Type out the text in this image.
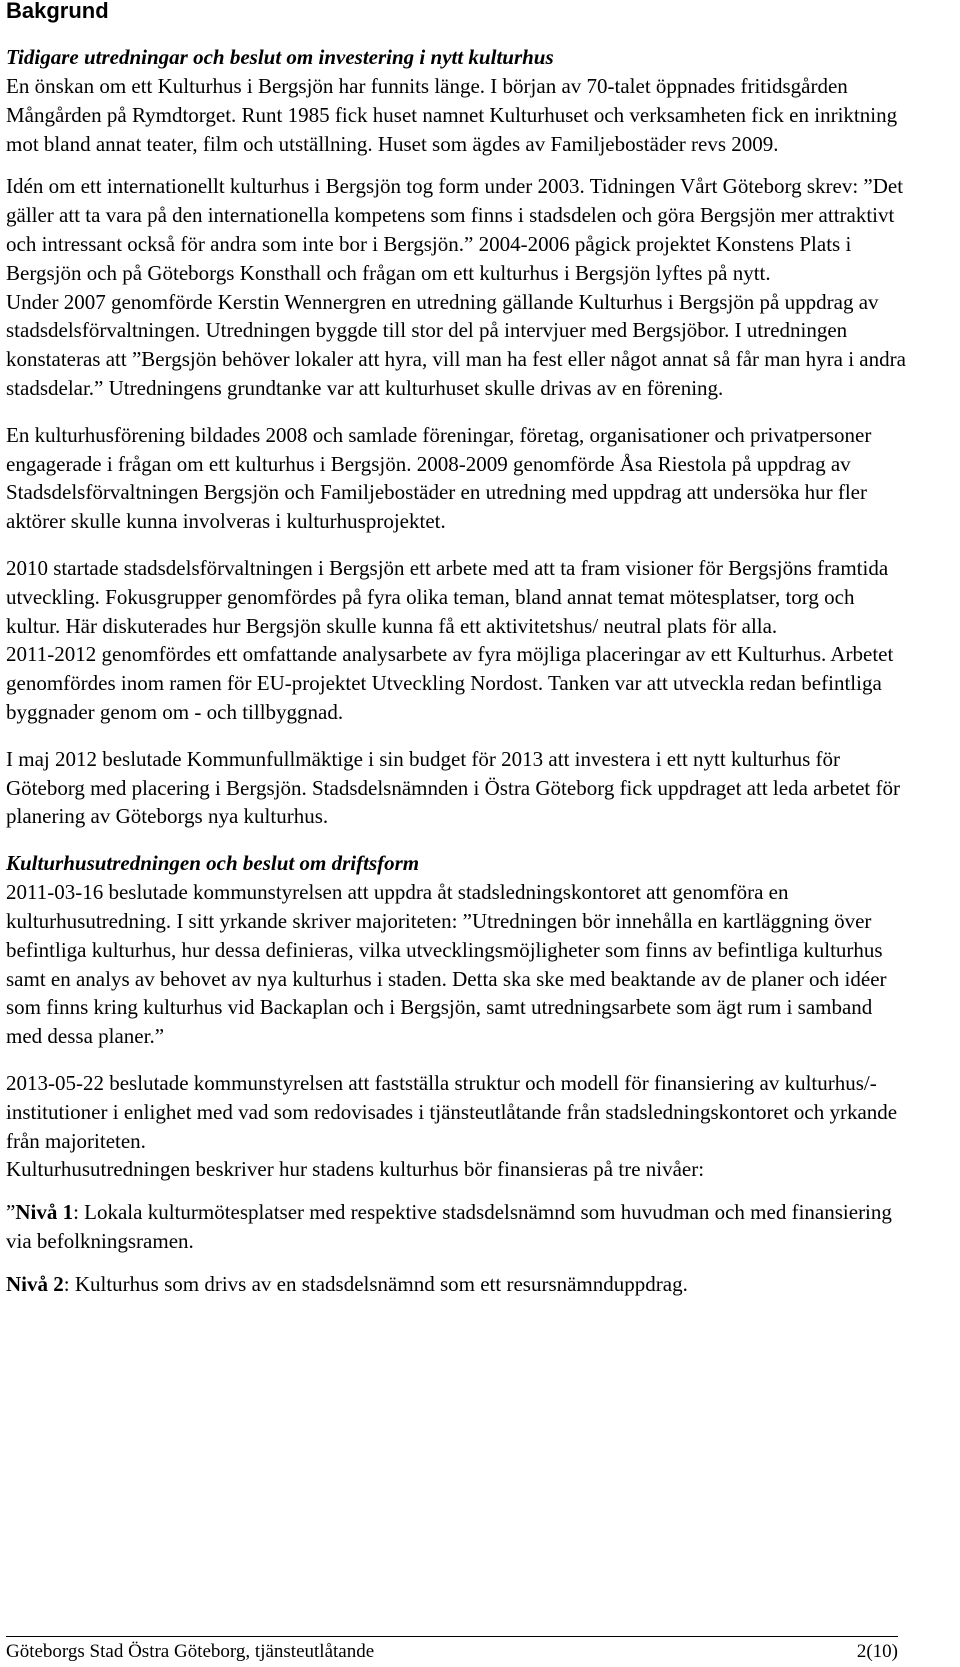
Bakgrund
Tidigare utredningar och beslut om investering i nytt kulturhus

En önskan om ett Kulturhus i Bergsjön har funnits länge. I början av 70-talet öppnades fritidsgården Mångården på Rymdtorget. Runt 1985 fick huset namnet Kulturhuset och verksamheten fick en inriktning mot bland annat teater, film och utställning. Huset som ägdes av Familjebostäder revs 2009.

Idén om ett internationellt kulturhus i Bergsjön tog form under 2003. Tidningen Vårt Göteborg skrev: ”Det gäller att ta vara på den internationella kompetens som finns i stadsdelen och göra Bergsjön mer attraktivt och intressant också för andra som inte bor i Bergsjön.” 2004-2006 pågick projektet Konstens Plats i Bergsjön och på Göteborgs Konsthall och frågan om ett kulturhus i Bergsjön lyftes på nytt.

Under 2007 genomförde Kerstin Wennergren en utredning gällande Kulturhus i Bergsjön på uppdrag av stadsdelsförvaltningen. Utredningen byggde till stor del på intervjuer med Bergsjöbor. I utredningen konstateras att ”Bergsjön behöver lokaler att hyra, vill man ha fest eller något annat så får man hyra i andra stadsdelar.” Utredningens grundtanke var att kulturhuset skulle drivas av en förening.

En kulturhusförening bildades 2008 och samlade föreningar, företag, organisationer och privatpersoner engagerade i frågan om ett kulturhus i Bergsjön. 2008-2009 genomförde Åsa Riestola på uppdrag av Stadsdelsförvaltningen Bergsjön och Familjebostäder en utredning med uppdrag att undersöka hur fler aktörer skulle kunna involveras i kulturhusprojektet.

2010 startade stadsdelsförvaltningen i Bergsjön ett arbete med att ta fram visioner för Bergsjöns framtida utveckling. Fokusgrupper genomfördes på fyra olika teman, bland annat temat mötesplatser, torg och kultur. Här diskuterades hur Bergsjön skulle kunna få ett aktivitetshus/ neutral plats för alla.

2011-2012 genomfördes ett omfattande analysarbete av fyra möjliga placeringar av ett Kulturhus. Arbetet genomfördes inom ramen för EU-projektet Utveckling Nordost. Tanken var att utveckla redan befintliga byggnader genom om - och tillbyggnad.

I maj 2012 beslutade Kommunfullmäktige i sin budget för 2013 att investera i ett nytt kulturhus för Göteborg med placering i Bergsjön. Stadsdelsnämnden i Östra Göteborg fick uppdraget att leda arbetet för planering av Göteborgs nya kulturhus.

Kulturhusutredningen och beslut om driftsform

2011-03-16 beslutade kommunstyrelsen att uppdra åt stadsledningskontoret att genomföra en kulturhusutredning. I sitt yrkande skriver majoriteten: ”Utredningen bör innehålla en kartläggning över befintliga kulturhus, hur dessa definieras, vilka utvecklingsmöjligheter som finns av befintliga kulturhus samt en analys av behovet av nya kulturhus i staden. Detta ska ske med beaktande av de planer och idéer som finns kring kulturhus vid Backaplan och i Bergsjön, samt utredningsarbete som ägt rum i samband med dessa planer.”

2013-05-22 beslutade kommunstyrelsen att fastställa struktur och modell för finansiering av kulturhus/-institutioner i enlighet med vad som redovisades i tjänsteutlåtande från stadsledningskontoret och yrkande från majoriteten.

Kulturhusutredningen beskriver hur stadens kulturhus bör finansieras på tre nivåer:

”Nivå 1: Lokala kulturmötesplatser med respektive stadsdelsnämnd som huvudman och med finansiering via befolkningsramen.

Nivå 2: Kulturhus som drivs av en stadsdelsnämnd som ett resursnämnduppdrag.

Göteborgs Stad Östra Göteborg, tjänsteutlåtande	2(10)
